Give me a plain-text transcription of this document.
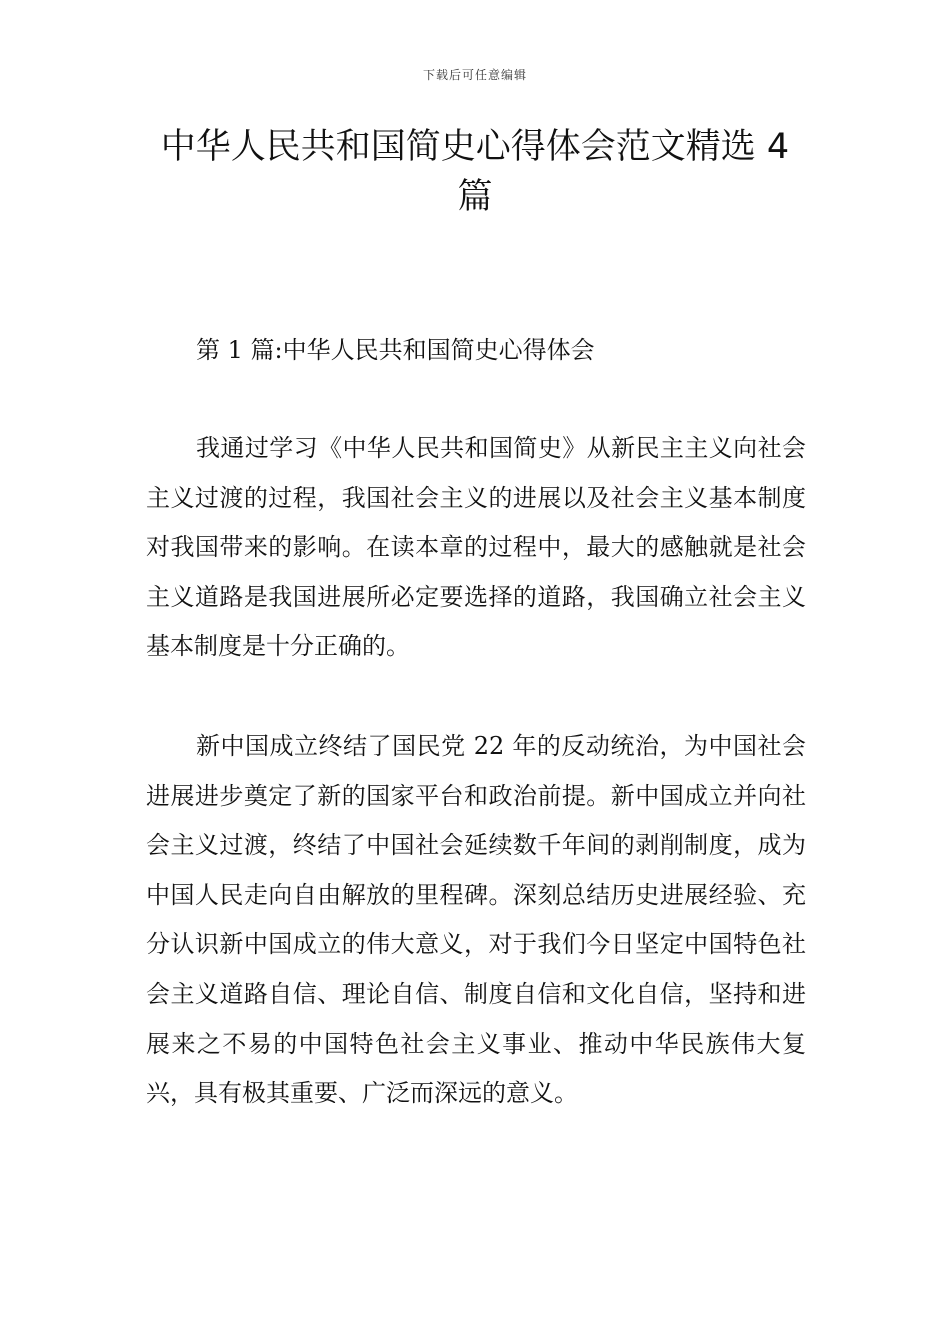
下载后可任意编辑
中华人民共和国简史心得体会范文精选 4 篇
第 1 篇:中华人民共和国简史心得体会

我通过学习《中华人民共和国简史》从新民主主义向社会主义过渡的过程，我国社会主义的进展以及社会主义基本制度对我国带来的影响。在读本章的过程中，最大的感触就是社会主义道路是我国进展所必定要选择的道路，我国确立社会主义基本制度是十分正确的。

新中国成立终结了国民党 22 年的反动统治，为中国社会进展进步奠定了新的国家平台和政治前提。新中国成立并向社会主义过渡，终结了中国社会延续数千年间的剥削制度，成为中国人民走向自由解放的里程碑。深刻总结历史进展经验、充分认识新中国成立的伟大意义，对于我们今日坚定中国特色社会主义道路自信、理论自信、制度自信和文化自信，坚持和进展来之不易的中国特色社会主义事业、推动中华民族伟大复兴，具有极其重要、广泛而深远的意义。
